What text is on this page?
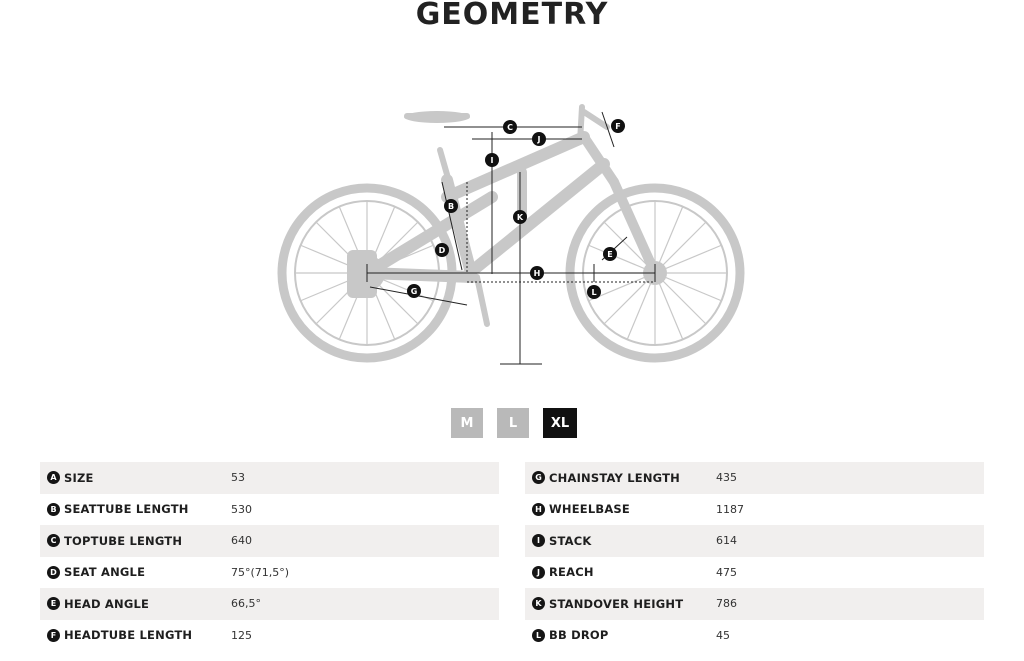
GEOMETRY
C
J
F
I
B
K
D	E
H
L
G
M	L	XL
A SIZE	53
B SEATTUBE LENGTH	530
C TOPTUBE LENGTH	640
D SEAT ANGLE	75°(71,5°)
E HEAD ANGLE	66,5°
F HEADTUBE LENGTH	125
G CHAINSTAY LENGTH	435
H WHEELBASE	1187
I STACK	614
J REACH	475
K STANDOVER HEIGHT	786
L BB DROP	45
